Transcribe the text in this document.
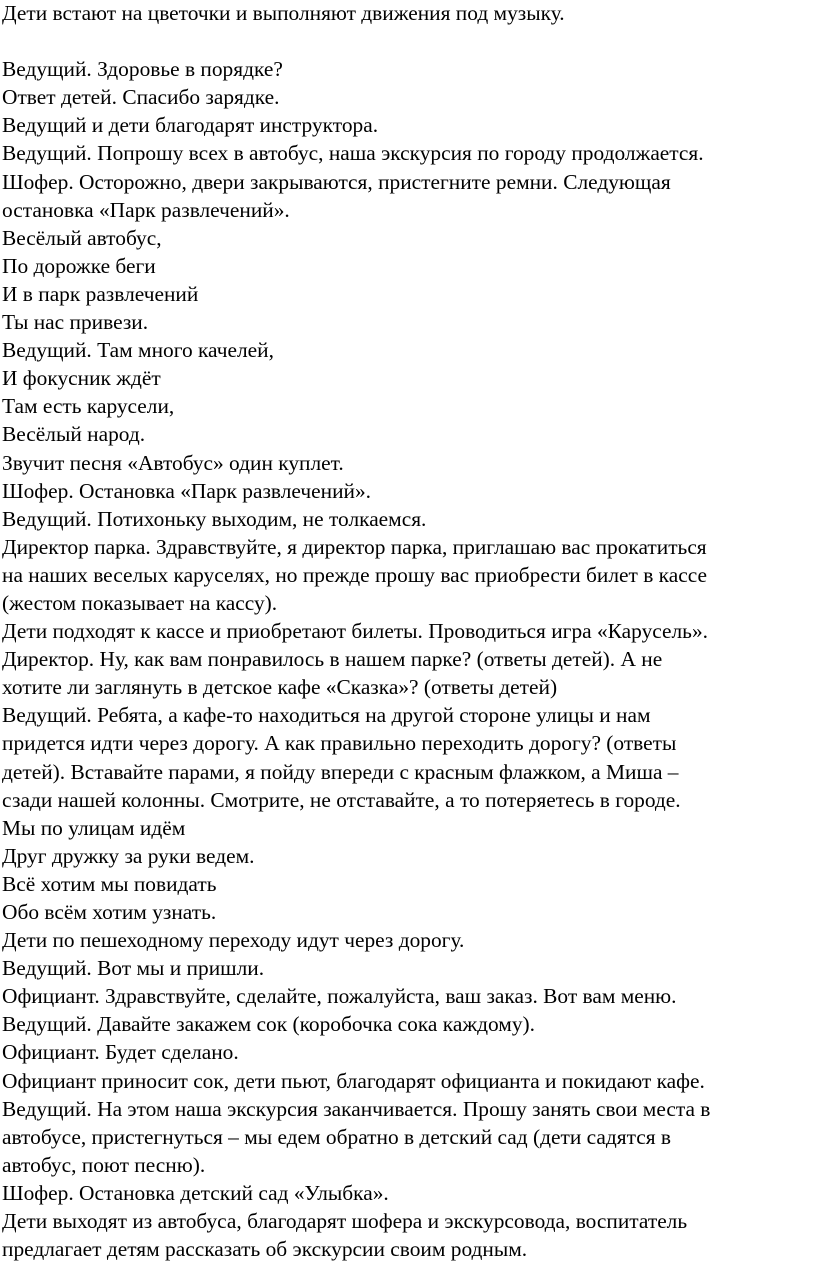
Дети встают на цветочки и выполняют движения под музыку.
Ведущий. Здоровье в порядке?
Ответ детей. Спасибо зарядке.
Ведущий и дети благодарят инструктора.
Ведущий. Попрошу всех в автобус, наша экскурсия по городу продолжается.
Шофер. Осторожно, двери закрываются, пристегните ремни. Следующая
остановка «Парк развлечений».
Весёлый автобус,
По дорожке беги
И в парк развлечений
Ты нас привези.
Ведущий. Там много качелей,
И фокусник ждёт
Там есть карусели,
Весёлый народ.
Звучит песня «Автобус» один куплет.
Шофер. Остановка «Парк развлечений».
Ведущий. Потихоньку выходим, не толкаемся.
Директор парка. Здравствуйте, я директор парка, приглашаю вас прокатиться
на наших веселых каруселях, но прежде прошу вас приобрести билет в кассе
(жестом показывает на кассу).
Дети подходят к кассе и приобретают билеты. Проводиться игра «Карусель».
Директор. Ну, как вам понравилось в нашем парке? (ответы детей). А не
хотите ли заглянуть в детское кафе «Сказка»? (ответы детей)
Ведущий. Ребята, а кафе-то находиться на другой стороне улицы и нам
придется идти через дорогу. А как правильно переходить дорогу? (ответы
детей). Вставайте парами, я пойду впереди с красным флажком, а Миша –
сзади нашей колонны. Смотрите, не отставайте, а то потеряетесь в городе.
Мы по улицам идём
Друг дружку за руки ведем.
Всё хотим мы повидать
Обо всём хотим узнать.
Дети по пешеходному переходу идут через дорогу.
Ведущий. Вот мы и пришли.
Официант. Здравствуйте, сделайте, пожалуйста, ваш заказ. Вот вам меню.
Ведущий. Давайте закажем сок (коробочка сока каждому).
Официант. Будет сделано.
Официант приносит сок, дети пьют, благодарят официанта и покидают кафе.
Ведущий. На этом наша экскурсия заканчивается. Прошу занять свои места в
автобусе, пристегнуться – мы едем обратно в детский сад (дети садятся в
автобус, поют песню).
Шофер. Остановка детский сад «Улыбка».
Дети выходят из автобуса, благодарят шофера и экскурсовода, воспитатель
предлагает детям рассказать об экскурсии своим родным.
